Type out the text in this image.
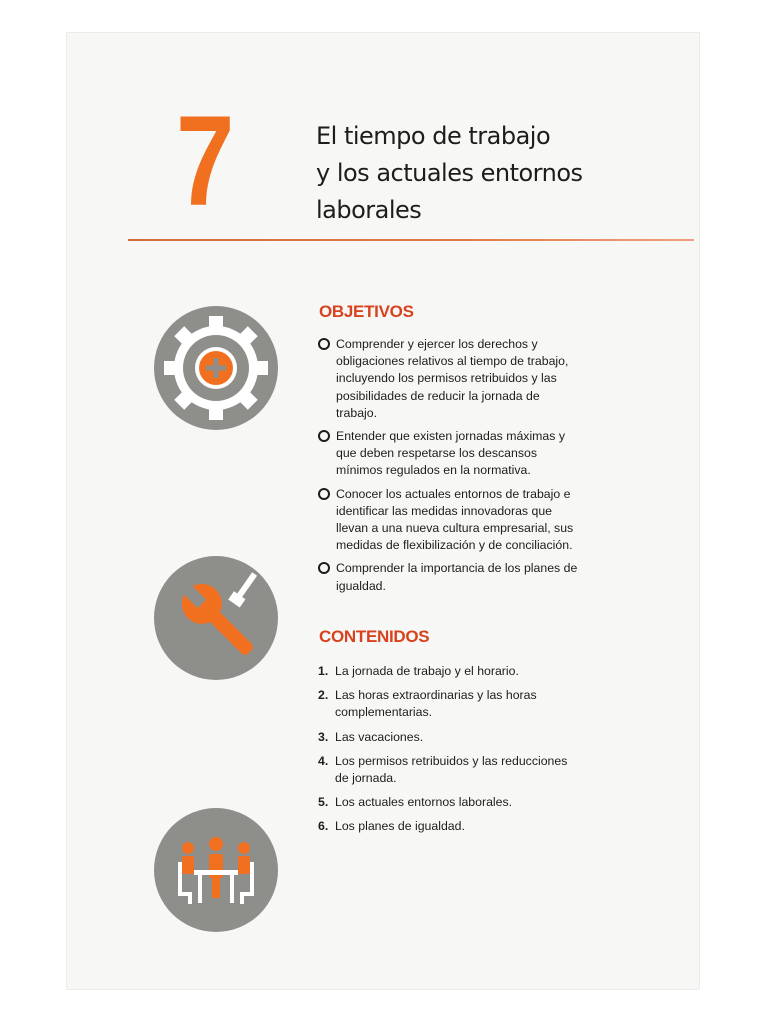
7	El tiempo de trabajo
y los actuales entornos
laborales
OBJETIVOS
Comprender y ejercer los derechos y obligaciones relativos al tiempo de trabajo, incluyendo los permisos retribuidos y las posibilidades de reducir la jornada de trabajo.
Entender que existen jornadas máximas y que deben respetarse los descansos mínimos regulados en la normativa.
Conocer los actuales entornos de trabajo e identificar las medidas innovadoras que llevan a una nueva cultura empresarial, sus medidas de flexibilización y de conciliación.
Comprender la importancia de los planes de igualdad.
CONTENIDOS
1. La jornada de trabajo y el horario.
2. Las horas extraordinarias y las horas complementarias.
3. Las vacaciones.
4. Los permisos retribuidos y las reducciones de jornada.
5. Los actuales entornos laborales.
6. Los planes de igualdad.
